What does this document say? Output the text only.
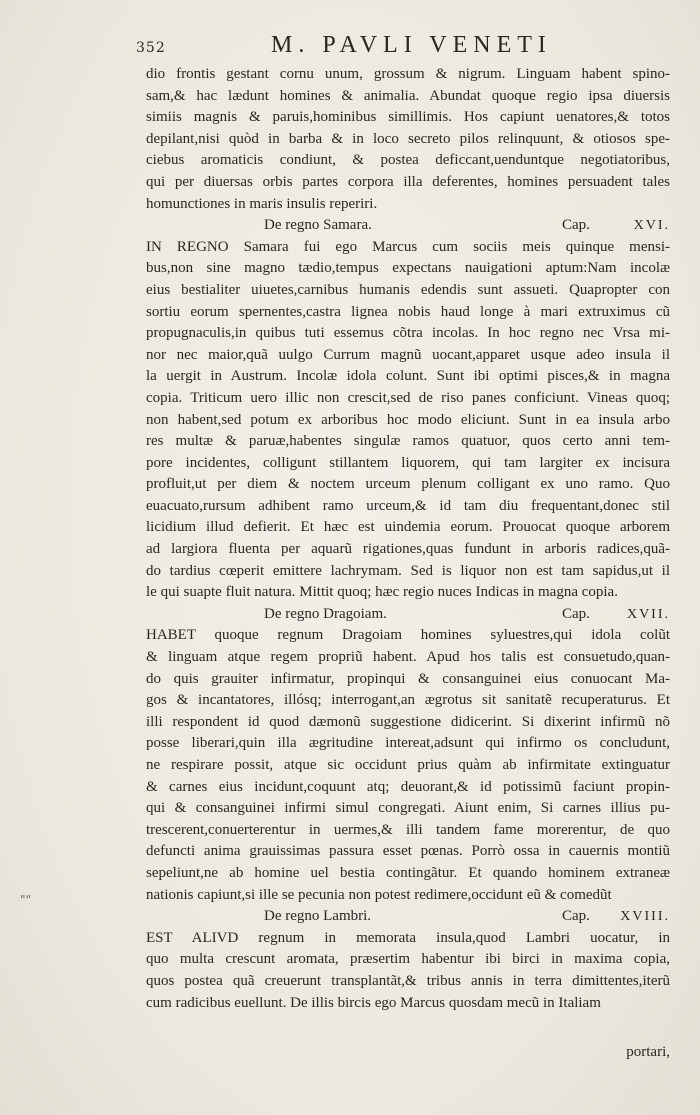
352	M. PAVLI VENETI
dio frontis gestant cornu unum, grossum & nigrum. Linguam habent spino-
sam,& hac lædunt homines & animalia. Abundat quoque regio ipsa diuersis
simiis magnis & paruis,hominibus simillimis. Hos capiunt uenatores,& totos
depilant,nisi quòd in barba & in loco secreto pilos relinquunt, & otiosos spe-
ciebus aromaticis condiunt, & postea deficcant,uenduntque negotiatoribus,
qui per diuersas orbis partes corpora illa deferentes, homines persuadent tales
homunctiones in maris insulis reperiri.
De regno Samara.	Cap.	XVI.
IN REGNO Samara fui ego Marcus cum sociis meis quinque mensi-
bus,non sine magno tædio,tempus expectans nauigationi aptum:Nam incolæ
eius bestialiter uiuetes,carnibus humanis edendis sunt assueti. Quapropter con
sortiu eorum spernentes,castra lignea nobis haud longe à mari extruximus cũ
propugnaculis,in quibus tuti essemus cõtra incolas. In hoc regno nec Vrsa mi-
nor nec maior,quã uulgo Currum magnũ uocant,apparet usque adeo insula il
la uergit in Austrum. Incolæ idola colunt. Sunt ibi optimi pisces,& in magna
copia. Triticum uero illic non crescit,sed de riso panes conficiunt. Vineas quoq;
non habent,sed potum ex arboribus hoc modo eliciunt. Sunt in ea insula arbo
res multæ & paruæ,habentes singulæ ramos quatuor, quos certo anni tem-
pore incidentes, colligunt stillantem liquorem, qui tam largiter ex incisura
profluit,ut per diem & noctem urceum plenum colligant ex uno ramo. Quo
euacuato,rursum adhibent ramo urceum,& id tam diu frequentant,donec stil
licidium illud defierit. Et hæc est uindemia eorum. Prouocat quoque arborem
ad largiora fluenta per aquarũ rigationes,quas fundunt in arboris radices,quã-
do tardius cœperit emittere lachrymam. Sed is liquor non est tam sapidus,ut il
le qui suapte fluit natura. Mittit quoq; hæc regio nuces Indicas in magna copia.
De regno Dragoiam.	Cap.	XVII.
HABET quoque regnum Dragoiam homines syluestres,qui idola colũt
& linguam atque regem propriũ habent. Apud hos talis est consuetudo,quan-
do quis grauiter infirmatur, propinqui & consanguinei eius conuocant Ma-
gos & incantatores, illósq; interrogant,an ægrotus sit sanitatẽ recuperaturus. Et
illi respondent id quod dæmonũ suggestione didicerint. Si dixerint infirmũ nõ
posse liberari,quin illa ægritudine intereat,adsunt qui infirmo os concludunt,
ne respirare possit, atque sic occidunt prius quàm ab infirmitate extinguatur
& carnes eius incidunt,coquunt atq; deuorant,& id potissimũ faciunt propin-
qui & consanguinei infirmi simul congregati. Aiunt enim, Si carnes illius pu-
trescerent,conuerterentur in uermes,& illi tandem fame morerentur, de quo
defuncti anima grauissimas passura esset pœnas. Porrò ossa in cauernis montiũ
sepeliunt,ne ab homine uel bestia contingãtur. Et quando hominem extraneæ
nationis capiunt,si ille se pecunia non potest redimere,occidunt eũ & comedũt
De regno Lambri.	Cap. XVIII.
EST ALIVD regnum in memorata insula,quod Lambri uocatur, in
quo multa crescunt aromata, præsertim habentur ibi birci in maxima copia,
quos postea quã creuerunt transplantãt,& tribus annis in terra dimittentes,iterũ
cum radicibus euellunt. De illis bircis ego Marcus quosdam mecũ in Italiam
""
portari,
